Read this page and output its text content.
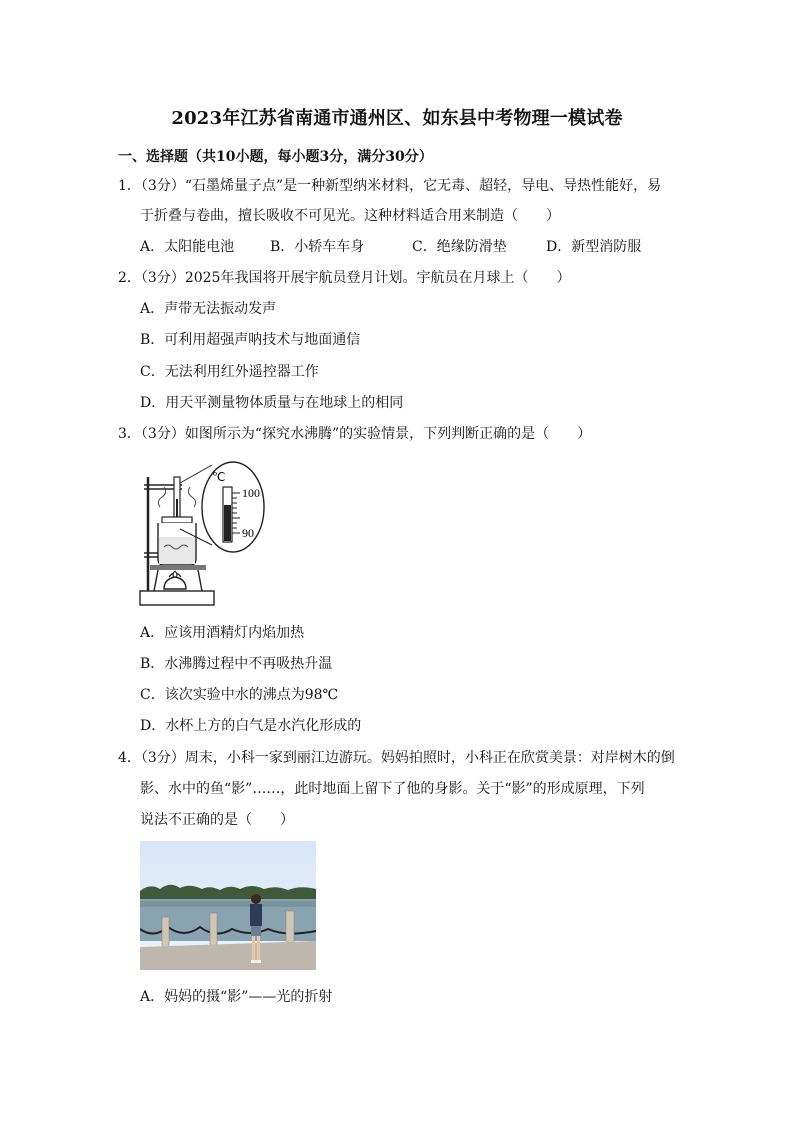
2023年江苏省南通市通州区、如东县中考物理一模试卷
一、选择题（共10小题，每小题3分，满分30分）
1．（3分）“石墨烯量子点”是一种新型纳米材料，它无毒、超轻，导电、导热性能好，易
于折叠与卷曲，擅长吸收不可见光。这种材料适合用来制造（　　）
A．太阳能电池	B．小轿车车身	C．绝缘防滑垫	D．新型消防服
2．（3分）2025年我国将开展宇航员登月计划。宇航员在月球上（　　）
A．声带无法振动发声
B．可利用超强声呐技术与地面通信
C．无法利用红外遥控器工作
D．用天平测量物体质量与在地球上的相同
3．（3分）如图所示为“探究水沸腾”的实验情景，下列判断正确的是（　　）
℃
100
90
A．应该用酒精灯内焰加热
B．水沸腾过程中不再吸热升温
C．该次实验中水的沸点为98℃
D．水杯上方的白气是水汽化形成的
4．（3分）周末，小科一家到丽江边游玩。妈妈拍照时，小科正在欣赏美景：对岸树木的倒
影、水中的鱼“影”……，此时地面上留下了他的身影。关于“影”的形成原理，下列
说法不正确的是（　　）
A．妈妈的摄“影”——光的折射
